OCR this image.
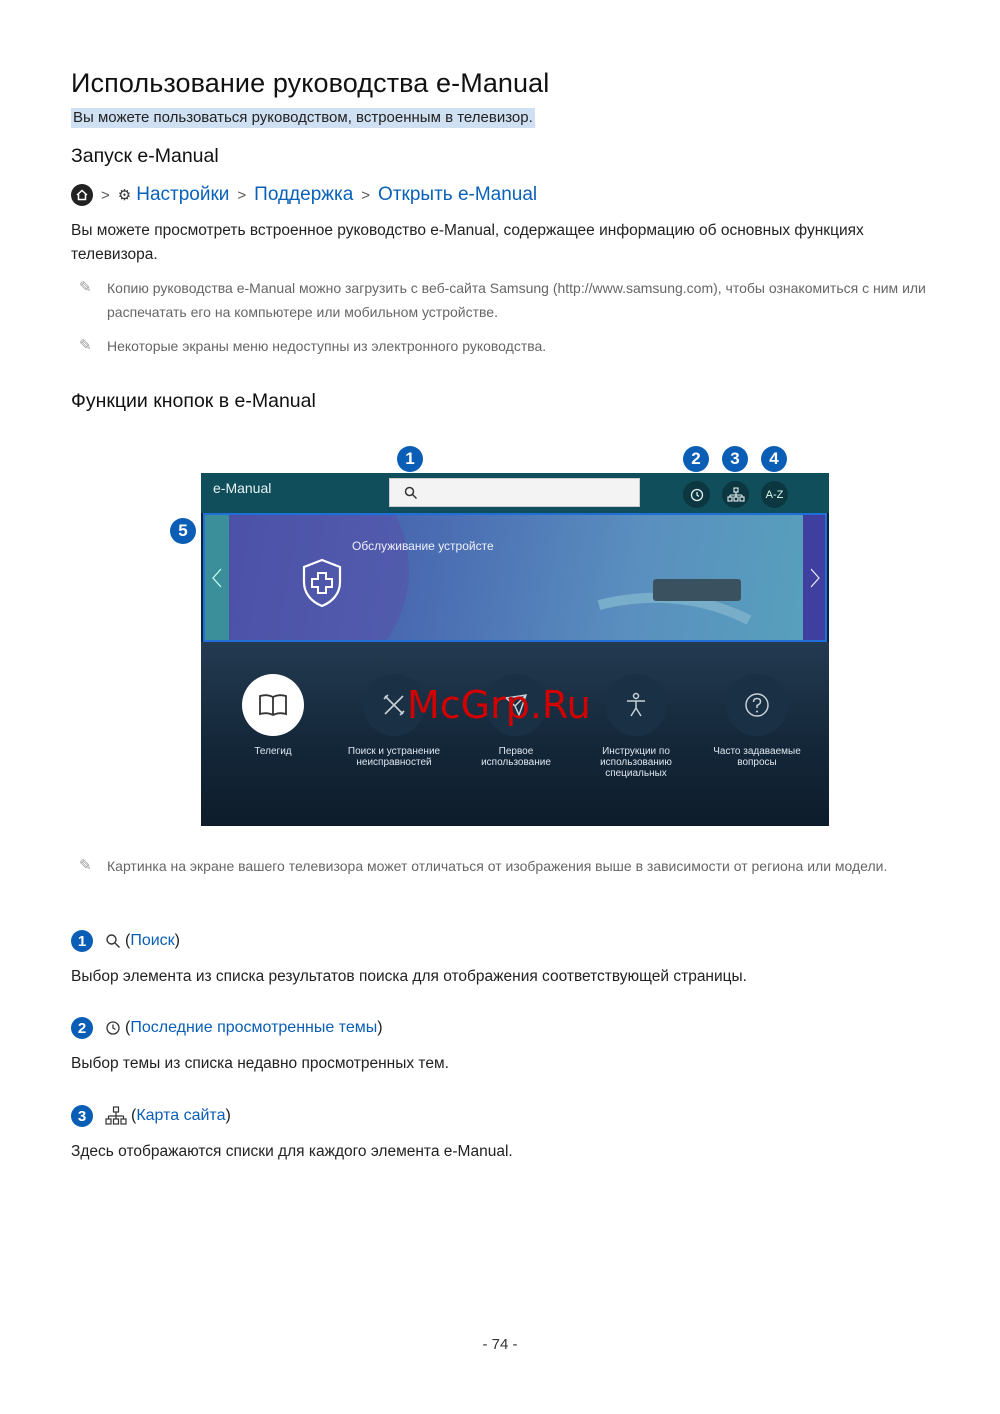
Использование руководства e-Manual
Вы можете пользоваться руководством, встроенным в телевизор.
Запуск e-Manual
> ⚙ Настройки > Поддержка > Открыть e-Manual
Вы можете просмотреть встроенное руководство e-Manual, содержащее информацию об основных функциях телевизора.
✎	Копию руководства e-Manual можно загрузить с веб-сайта Samsung (http://www.samsung.com), чтобы ознакомиться с ним или распечатать его на компьютере или мобильном устройстве.
✎	Некоторые экраны меню недоступны из электронного руководства.
Функции кнопок в e-Manual
1	2	3	4
5
e-Manual	A-Z
Обслуживание устройсте
Телегид	Поиск и устранение неисправностей
Первое использование
Инструкции по использованию специальных
Часто задаваемые вопросы
McGrp.Ru
✎	Картинка на экране вашего телевизора может отличаться от изображения выше в зависимости от региона или модели.
1	( Поиск )
Выбор элемента из списка результатов поиска для отображения соответствующей страницы.
2	( Последние просмотренные темы )
Выбор темы из списка недавно просмотренных тем.
3	( Карта сайта )
Здесь отображаются списки для каждого элемента e-Manual.
- 74 -
